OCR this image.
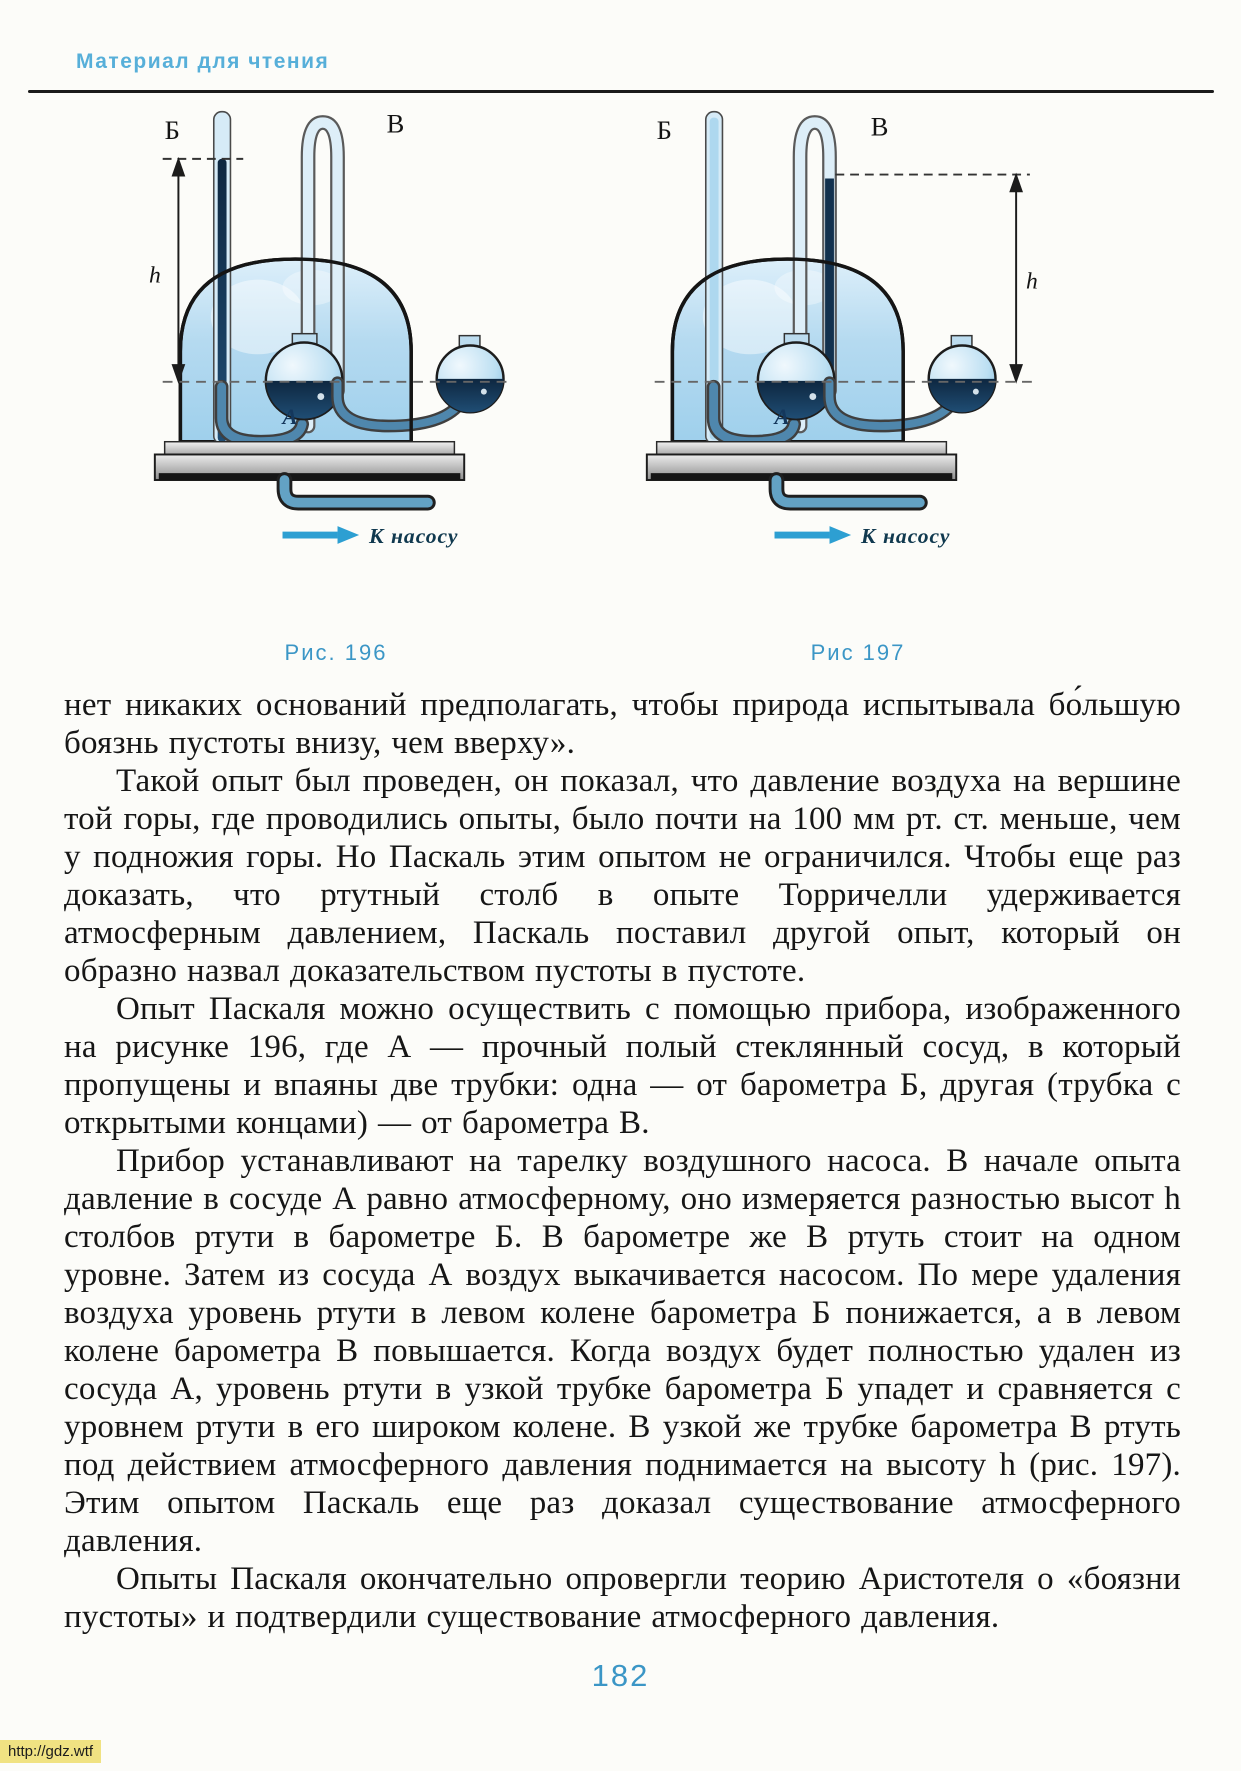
Материал для чтения
Б	В
h
А
К насосу
Рис. 196
Б	В
h
А
К насосу
Рис 197

нет никаких оснований предполагать, чтобы природа испытывала бо́льшую боязнь пустоты внизу, чем вверху».

Такой опыт был проведен, он показал, что давление воздуха на вершине той горы, где проводились опыты, было почти на 100 мм рт. ст. меньше, чем у подножия горы. Но Паскаль этим опытом не ограничился. Чтобы еще раз доказать, что ртутный столб в опыте Торричелли удерживается атмосферным давлением, Паскаль поставил другой опыт, который он образно назвал доказательством пустоты в пустоте.

Опыт Паскаля можно осуществить с помощью прибора, изображенного на рисунке 196, где А — прочный полый стеклянный сосуд, в который пропущены и впаяны две трубки: одна — от барометра Б, другая (трубка с открытыми концами) — от барометра В.

Прибор устанавливают на тарелку воздушного насоса. В начале опыта давление в сосуде А равно атмосферному, оно измеряется разностью высот h столбов ртути в барометре Б. В барометре же В ртуть стоит на одном уровне. Затем из сосуда А воздух выкачивается насосом. По мере удаления воздуха уровень ртути в левом колене барометра Б понижается, а в левом колене барометра В повышается. Когда воздух будет полностью удален из сосуда А, уровень ртути в узкой трубке барометра Б упадет и сравняется с уровнем ртути в его широком колене. В узкой же трубке барометра В ртуть под действием атмосферного давления поднимается на высоту h (рис. 197). Этим опытом Паскаль еще раз доказал существование атмосферного давления.

Опыты Паскаля окончательно опровергли теорию Аристотеля о «боязни пустоты» и подтвердили существование атмосферного давления.

182
http://gdz.wtf
